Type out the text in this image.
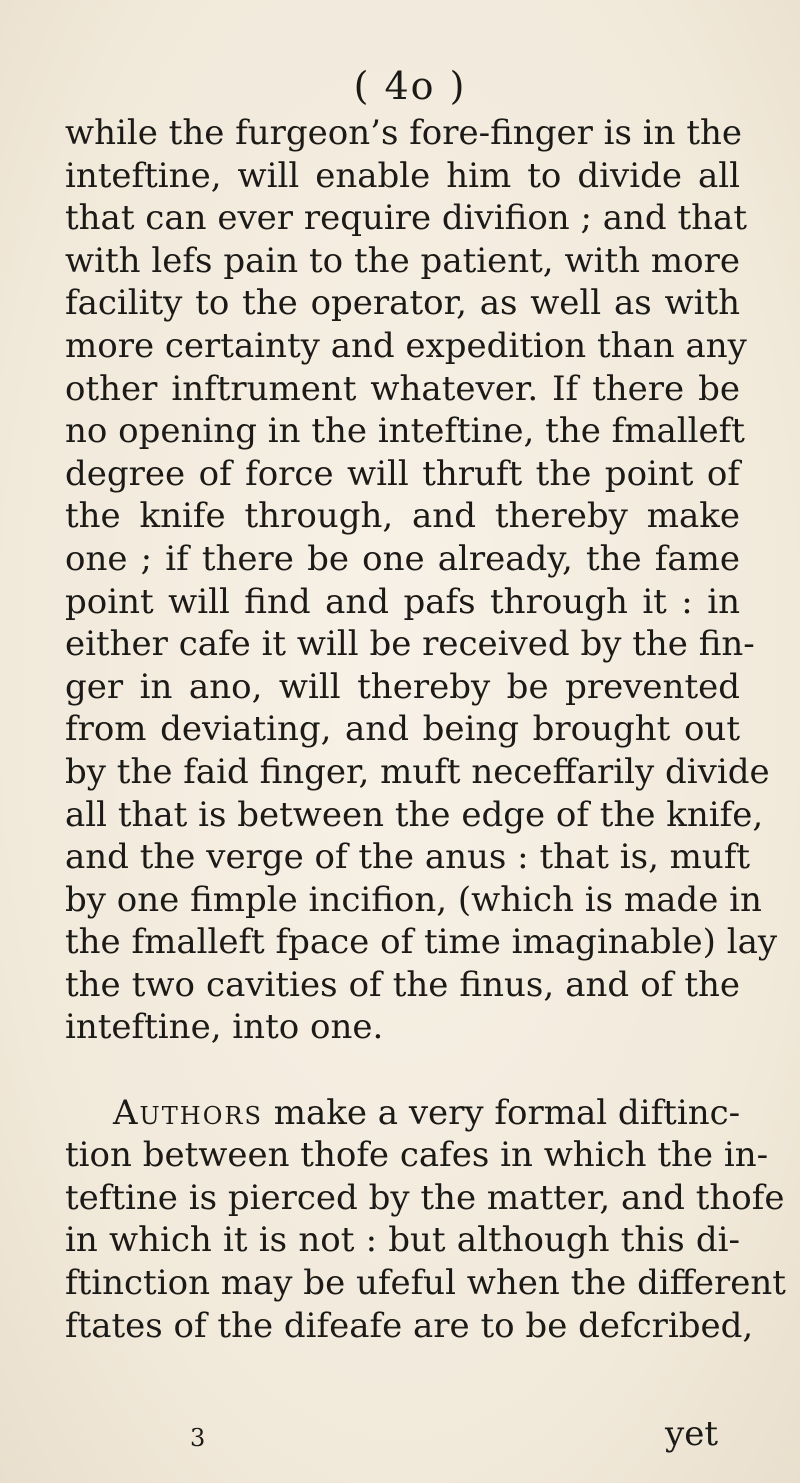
( 4o )
while the furgeon’s fore-finger is in the
inteftine, will enable him to divide all
that can ever require divifion ; and that
with lefs pain to the patient, with more
facility to the operator, as well as with
more certainty and expedition than any
other inftrument whatever. If there be
no opening in the inteftine, the fmalleft
degree of force will thruft the point of
the knife through, and thereby make
one ; if there be one already, the fame
point will find and pafs through it : in
either cafe it will be received by the fin-
ger in ano, will thereby be prevented
from deviating, and being brought out
by the faid finger, muft neceffarily divide
all that is between the edge of the knife,
and the verge of the anus : that is, muft
by one fimple incifion, (which is made in
the fmalleft fpace of time imaginable) lay
the two cavities of the finus, and of the
inteftine, into one.
Authors make a very formal diftinc-
tion between thofe cafes in which the in-
teftine is pierced by the matter, and thofe
in which it is not : but although this di-
ftinction may be ufeful when the different
ftates of the difeafe are to be defcribed,
3	yet
